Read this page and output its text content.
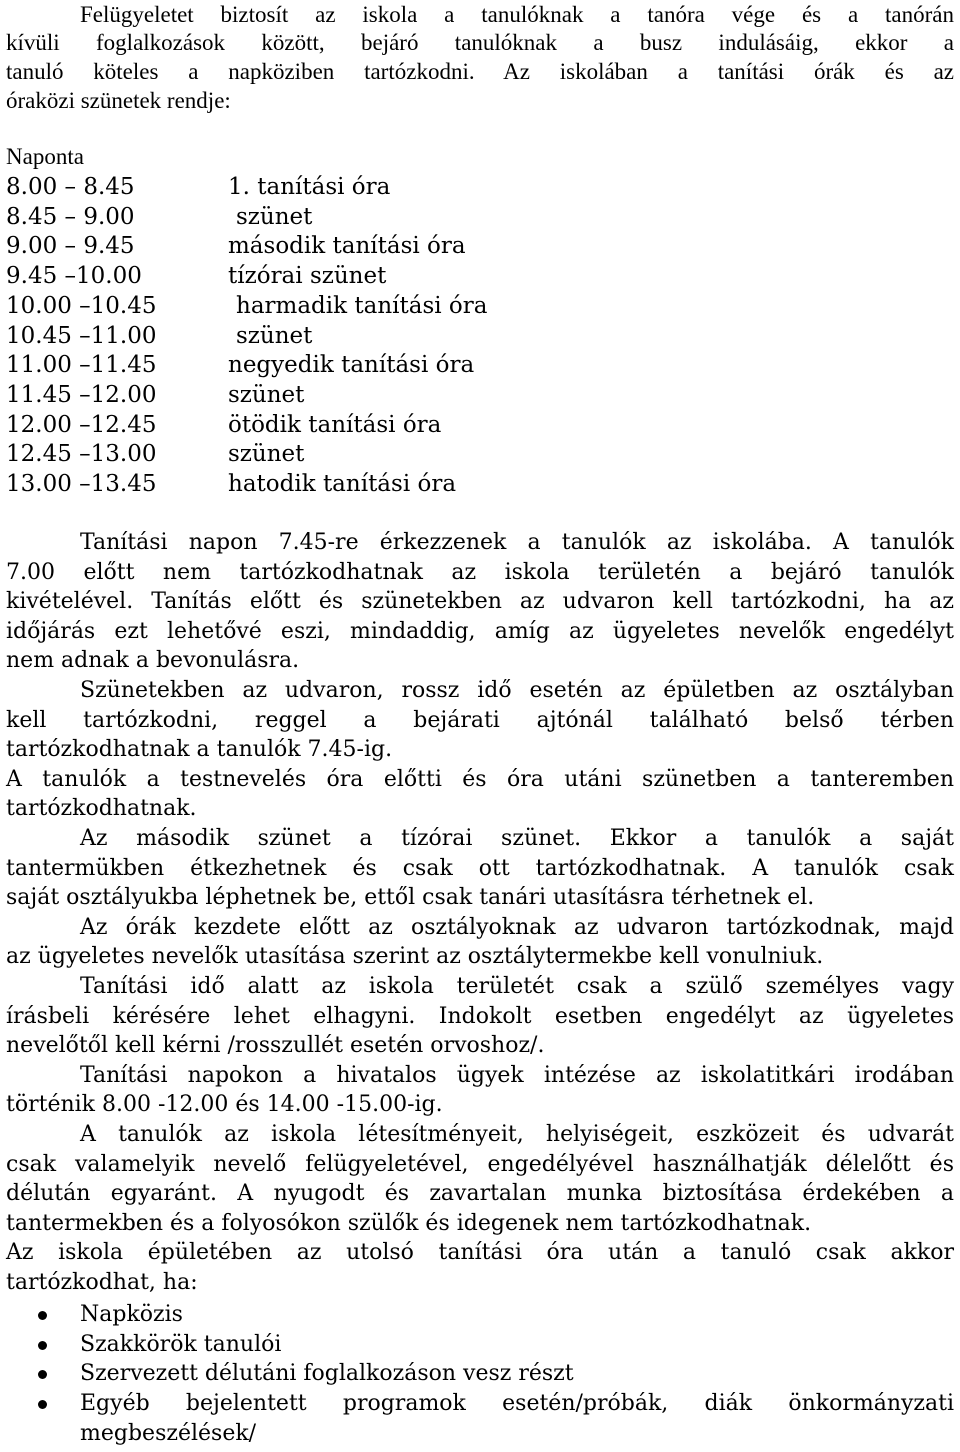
Felügyeletet biztosít az iskola a tanulóknak a tanóra vége és a tanórán
kívüli foglalkozások között, bejáró tanulóknak a busz indulásáig, ekkor a
tanuló köteles a napköziben tartózkodni. Az iskolában a tanítási órák és az
óraközi szünetek rendje:
Naponta
8.00 – 8.45	1. tanítási óra
8.45 – 9.00	szünet
9.00 – 9.45	második tanítási óra
9.45 –10.00	tízórai szünet
10.00 –10.45	harmadik tanítási óra
10.45 –11.00	szünet
11.00 –11.45	negyedik tanítási óra
11.45 –12.00	szünet
12.00 –12.45	ötödik tanítási óra
12.45 –13.00	szünet
13.00 –13.45	hatodik tanítási óra
Tanítási napon 7.45-re érkezzenek a tanulók az iskolába. A tanulók
7.00 előtt nem tartózkodhatnak az iskola területén a bejáró tanulók
kivételével. Tanítás előtt és szünetekben az udvaron kell tartózkodni, ha az
időjárás ezt lehetővé eszi, mindaddig, amíg az ügyeletes nevelők engedélyt
nem adnak a bevonulásra.
Szünetekben az udvaron, rossz idő esetén az épületben az osztályban
kell tartózkodni, reggel a bejárati ajtónál található belső térben
tartózkodhatnak a tanulók 7.45-ig.
A tanulók a testnevelés óra előtti és óra utáni szünetben a tanteremben
tartózkodhatnak.
Az második szünet a tízórai szünet. Ekkor a tanulók a saját
tantermükben étkezhetnek és csak ott tartózkodhatnak. A tanulók csak
saját osztályukba léphetnek be, ettől csak tanári utasításra térhetnek el.
Az órák kezdete előtt az osztályoknak az udvaron tartózkodnak, majd
az ügyeletes nevelők utasítása szerint az osztálytermekbe kell vonulniuk.
Tanítási idő alatt az iskola területét csak a szülő személyes vagy
írásbeli kérésére lehet elhagyni. Indokolt esetben engedélyt az ügyeletes
nevelőtől kell kérni /rosszullét esetén orvoshoz/.
Tanítási napokon a hivatalos ügyek intézése az iskolatitkári irodában
történik 8.00 -12.00 és 14.00 -15.00-ig.
A tanulók az iskola létesítményeit, helyiségeit, eszközeit és udvarát
csak valamelyik nevelő felügyeletével, engedélyével használhatják délelőtt és
délután egyaránt. A nyugodt és zavartalan munka biztosítása érdekében a
tantermekben és a folyosókon szülők és idegenek nem tartózkodhatnak.
Az iskola épületében az utolsó tanítási óra után a tanuló csak akkor
tartózkodhat, ha:
Napközis
Szakkörök tanulói
Szervezett délutáni foglalkozáson vesz részt
Egyéb bejelentett programok esetén/próbák, diák önkormányzati
megbeszélések/
